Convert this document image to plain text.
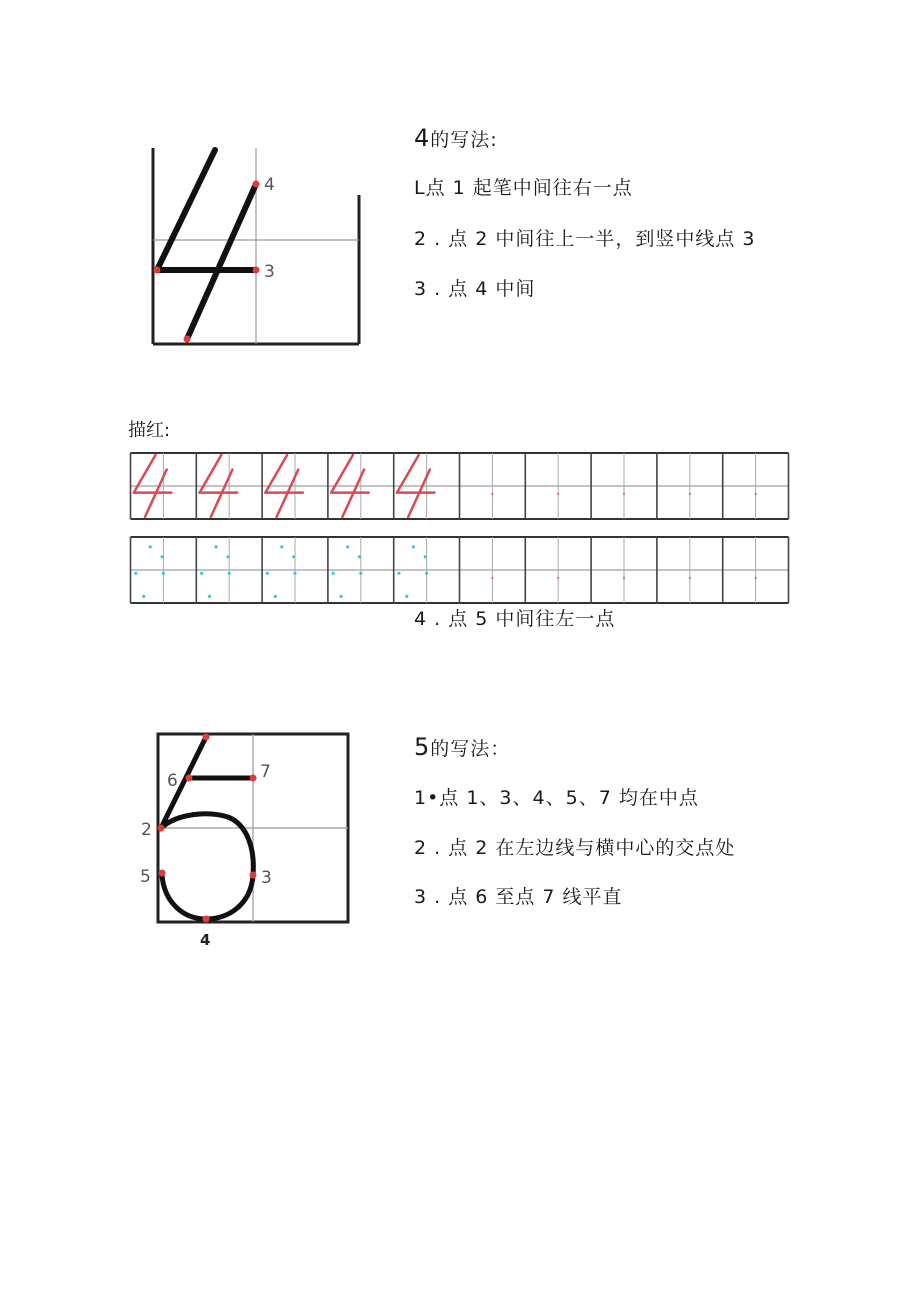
4
3
4的写法:
L点 1 起笔中间往右一点
2 . 点 2 中间往上一半，到竖中线点 3
3 . 点 4 中间
描红:
4 . 点 5 中间往左一点
6	7
2
5	3
4
5的写法：
1•点 1、3、4、5、7 均在中点
2 . 点 2 在左边线与横中心的交点处
3 . 点 6 至点 7 线平直
